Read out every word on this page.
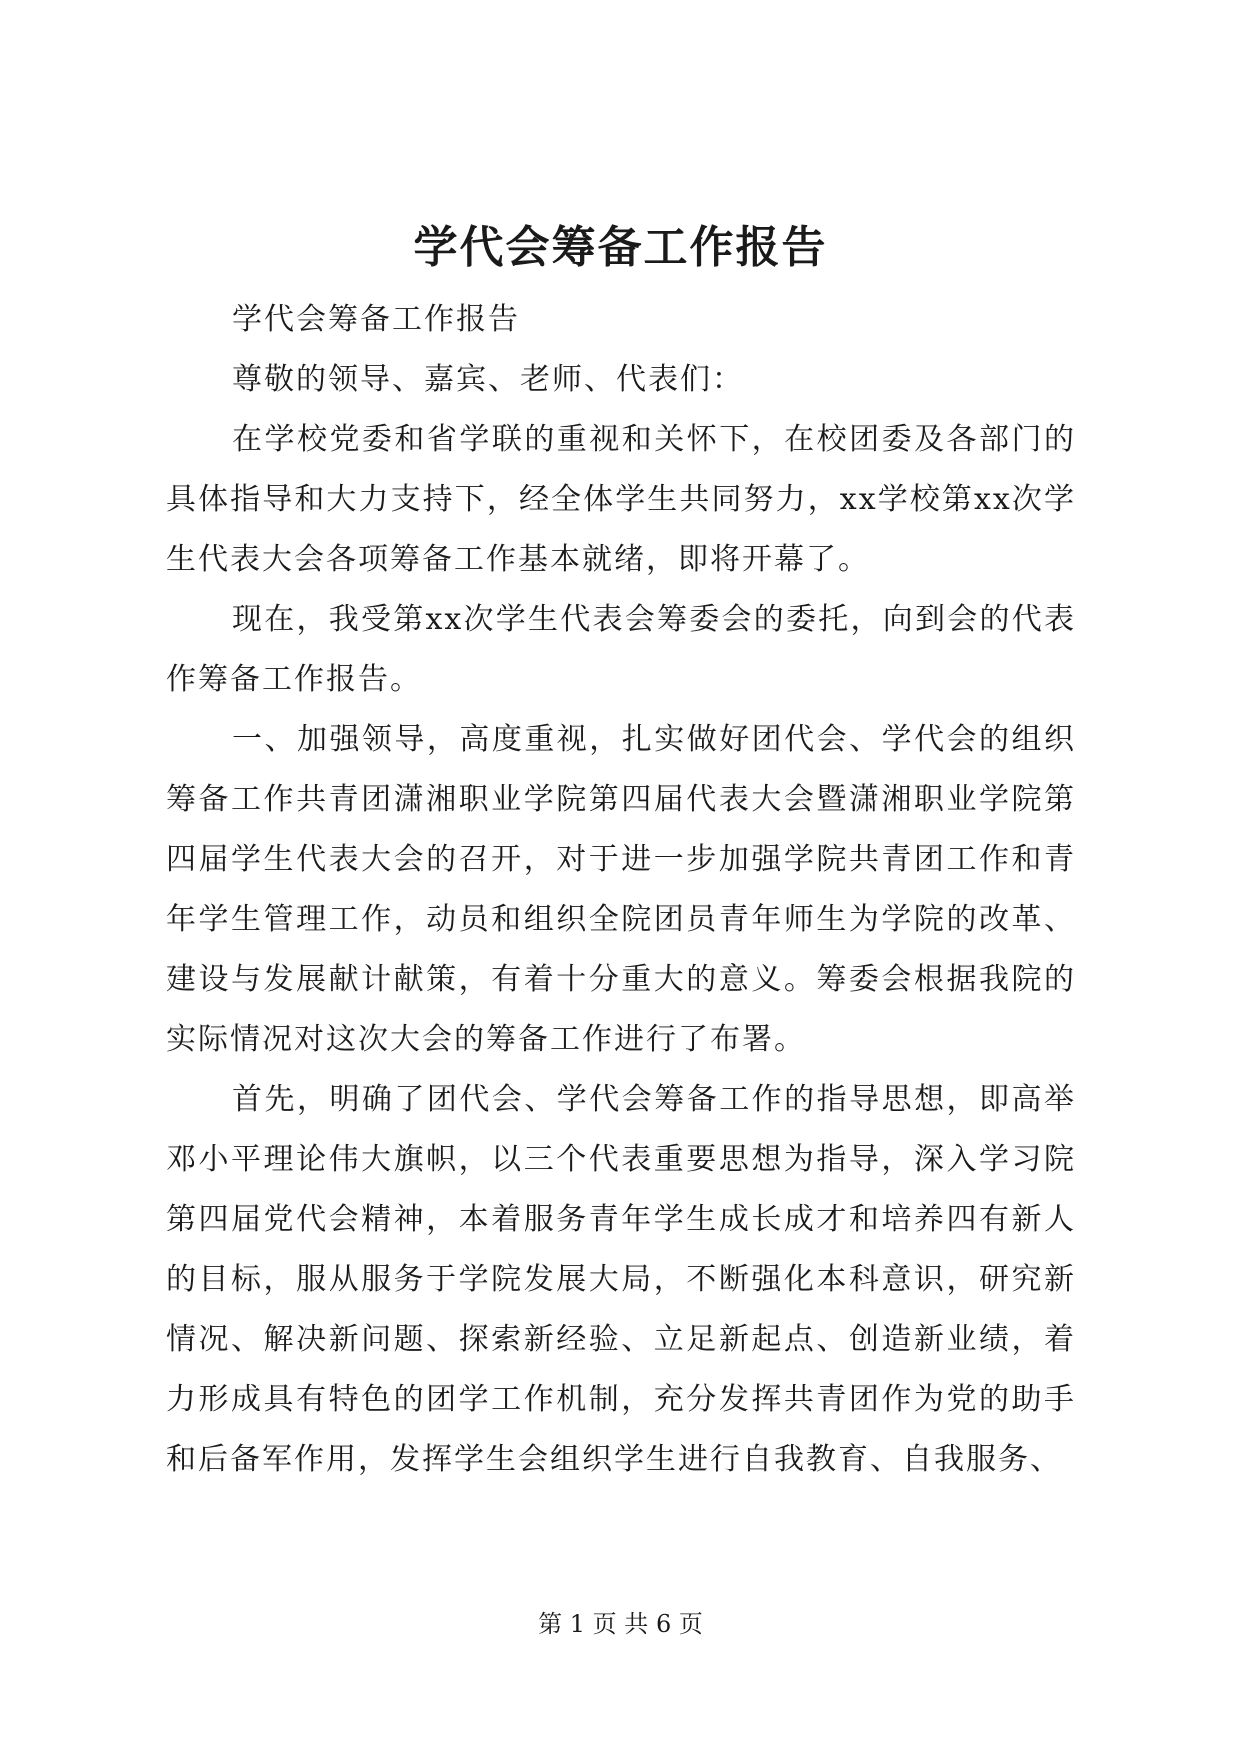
学代会筹备工作报告

学代会筹备工作报告

尊敬的领导、嘉宾、老师、代表们：

在学校党委和省学联的重视和关怀下，在校团委及各部门的具体指导和大力支持下，经全体学生共同努力，xx学校第xx次学生代表大会各项筹备工作基本就绪，即将开幕了。

现在，我受第xx次学生代表会筹委会的委托，向到会的代表作筹备工作报告。

一、加强领导，高度重视，扎实做好团代会、学代会的组织筹备工作共青团潇湘职业学院第四届代表大会暨潇湘职业学院第四届学生代表大会的召开，对于进一步加强学院共青团工作和青年学生管理工作，动员和组织全院团员青年师生为学院的改革、建设与发展献计献策，有着十分重大的意义。筹委会根据我院的实际情况对这次大会的筹备工作进行了布署。

首先，明确了团代会、学代会筹备工作的指导思想，即高举邓小平理论伟大旗帜，以三个代表重要思想为指导，深入学习院第四届党代会精神，本着服务青年学生成长成才和培养四有新人的目标，服从服务于学院发展大局，不断强化本科意识，研究新情况、解决新问题、探索新经验、立足新起点、创造新业绩，着力形成具有特色的团学工作机制，充分发挥共青团作为党的助手和后备军作用，发挥学生会组织学生进行自我教育、自我服务、

第 1 页 共 6 页
